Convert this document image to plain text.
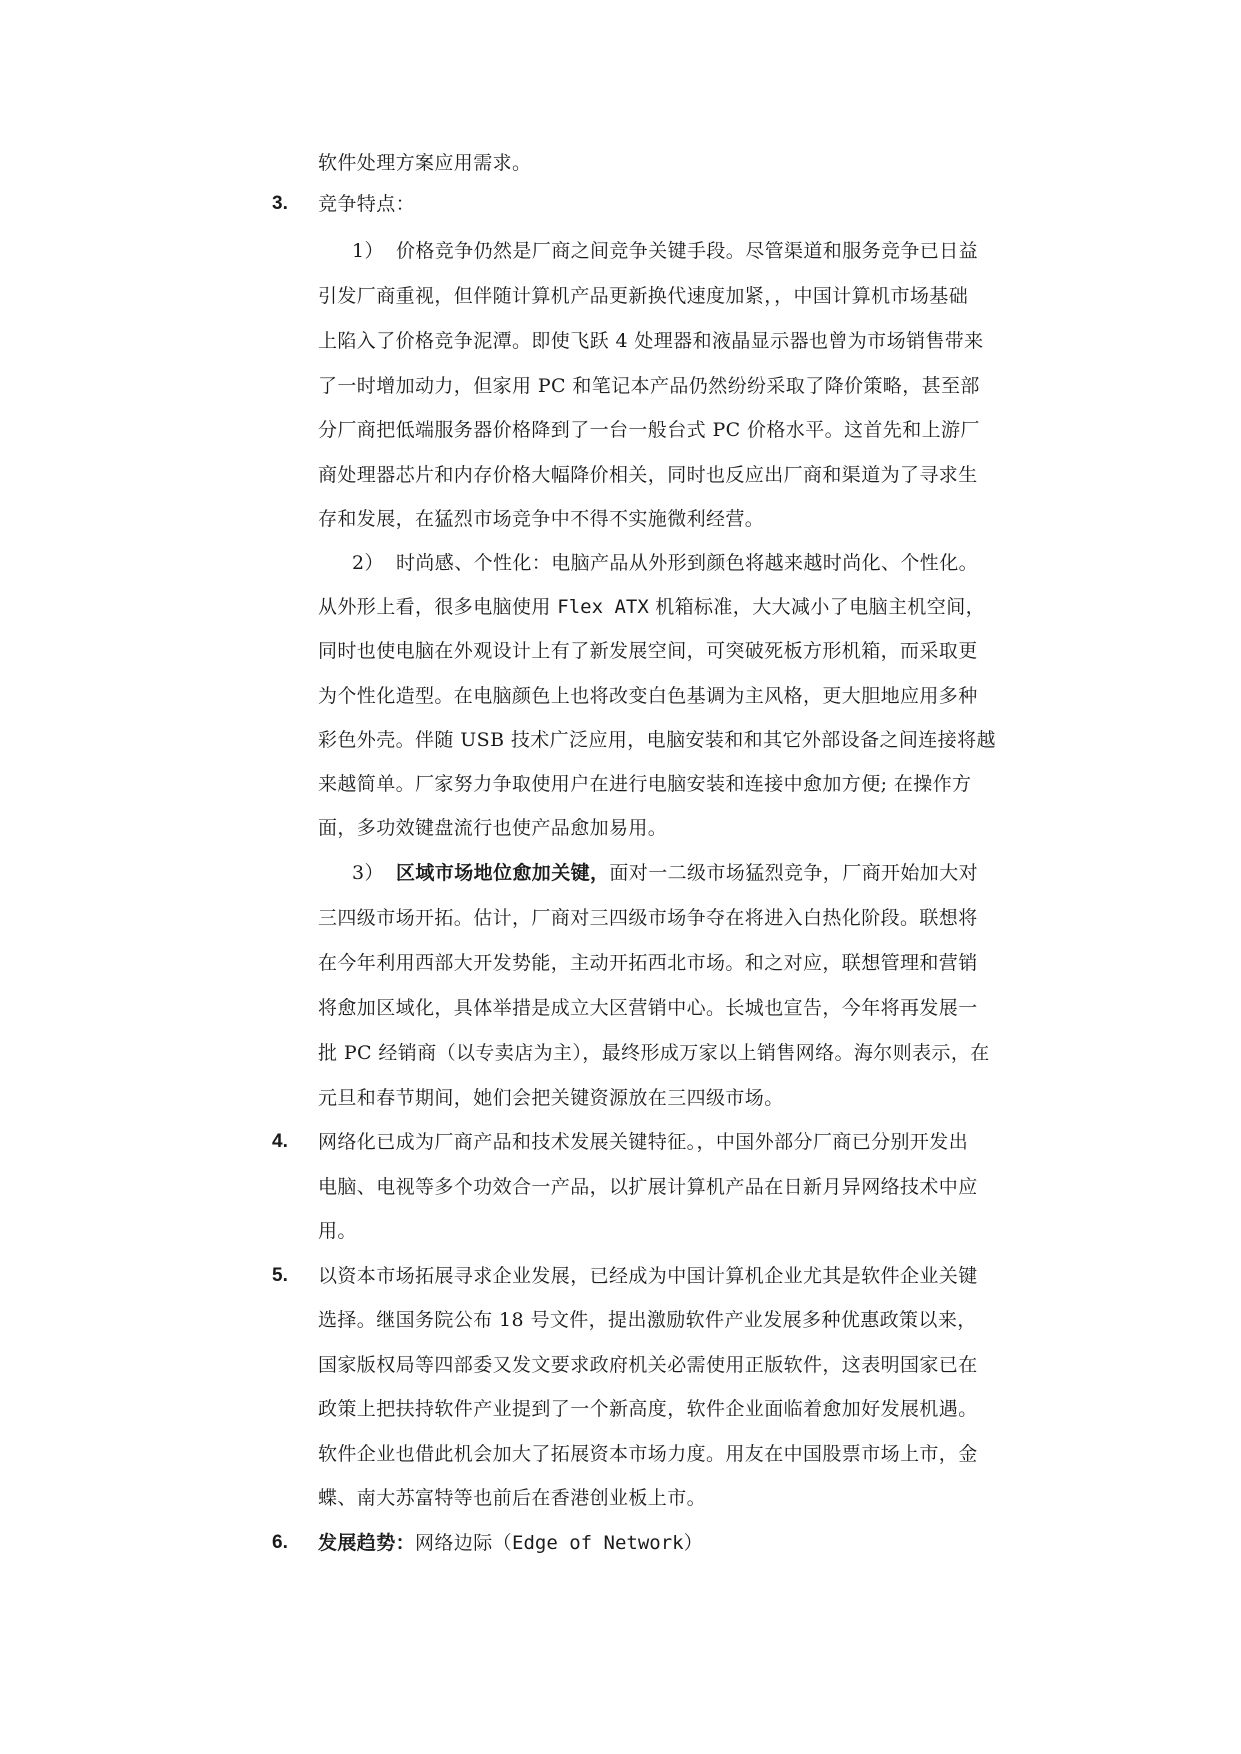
软件处理方案应用需求。
3. 竞争特点：
1） 价格竞争仍然是厂商之间竞争关键手段。尽管渠道和服务竞争已日益
引发厂商重视，但伴随计算机产品更新换代速度加紧，，中国计算机市场基础
上陷入了价格竞争泥潭。即使飞跃 4 处理器和液晶显示器也曾为市场销售带来
了一时增加动力，但家用 PC 和笔记本产品仍然纷纷采取了降价策略，甚至部
分厂商把低端服务器价格降到了一台一般台式 PC 价格水平。这首先和上游厂
商处理器芯片和内存价格大幅降价相关，同时也反应出厂商和渠道为了寻求生
存和发展，在猛烈市场竞争中不得不实施微利经营。
2） 时尚感、个性化：电脑产品从外形到颜色将越来越时尚化、个性化。
从外形上看，很多电脑使用 Flex ATX 机箱标准，大大减小了电脑主机空间，
同时也使电脑在外观设计上有了新发展空间，可突破死板方形机箱，而采取更
为个性化造型。在电脑颜色上也将改变白色基调为主风格，更大胆地应用多种
彩色外壳。伴随 USB 技术广泛应用，电脑安装和和其它外部设备之间连接将越
来越简单。厂家努力争取使用户在进行电脑安装和连接中愈加方便; 在操作方
面，多功效键盘流行也使产品愈加易用。
3） 区域市场地位愈加关键，面对一二级市场猛烈竞争，厂商开始加大对
三四级市场开拓。估计，厂商对三四级市场争夺在将进入白热化阶段。联想将
在今年利用西部大开发势能，主动开拓西北市场。和之对应，联想管理和营销
将愈加区域化，具体举措是成立大区营销中心。长城也宣告，今年将再发展一
批 PC 经销商（以专卖店为主），最终形成万家以上销售网络。海尔则表示，在
元旦和春节期间，她们会把关键资源放在三四级市场。
4. 网络化已成为厂商产品和技术发展关键特征。，中国外部分厂商已分别开发出
电脑、电视等多个功效合一产品，以扩展计算机产品在日新月异网络技术中应
用。
5. 以资本市场拓展寻求企业发展，已经成为中国计算机企业尤其是软件企业关键
选择。继国务院公布 18 号文件，提出激励软件产业发展多种优惠政策以来，
国家版权局等四部委又发文要求政府机关必需使用正版软件，这表明国家已在
政策上把扶持软件产业提到了一个新高度，软件企业面临着愈加好发展机遇。
软件企业也借此机会加大了拓展资本市场力度。用友在中国股票市场上市，金
蝶、南大苏富特等也前后在香港创业板上市。
6. 发展趋势：网络边际（Edge of Network）
